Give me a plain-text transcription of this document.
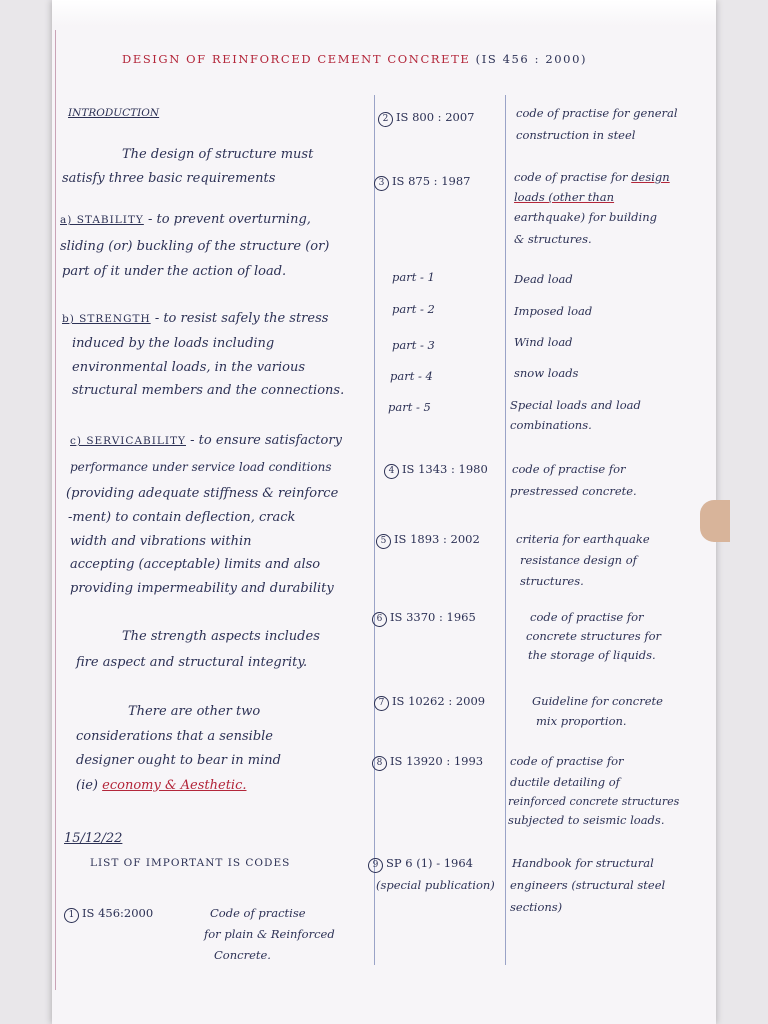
DESIGN OF REINFORCED CEMENT CONCRETE (IS 456 : 2000)
INTRODUCTION
The design of structure must
satisfy three basic requirements
a) STABILITY - to prevent overturning,
sliding (or) buckling of the structure (or)
part of it under the action of load.
b) STRENGTH - to resist safely the stress
induced by the loads including
environmental loads, in the various
structural members and the connections.
c) SERVICABILITY - to ensure satisfactory
performance under service load conditions
(providing adequate stiffness & reinforce
-ment) to contain deflection, crack
width and vibrations within
accepting (acceptable) limits and also
providing impermeability and durability
The strength aspects includes
fire aspect and structural integrity.
There are other two
considerations that a sensible
designer ought to bear in mind
(ie) economy & Aesthetic.
15/12/22
LIST OF IMPORTANT IS CODES
1 IS 456:2000	Code of practise
for plain & Reinforced
Concrete.
2 IS 800 : 2007
3 IS 875 : 1987
part - 1
part - 2
part - 3
part - 4
part - 5
4 IS 1343 : 1980
5 IS 1893 : 2002
6 IS 3370 : 1965
7 IS 10262 : 2009
8 IS 13920 : 1993
9 SP 6 (1) - 1964
(special publication)
code of practise for general
construction in steel
code of practise for design
loads (other than
earthquake) for building
& structures.
Dead load
Imposed load
Wind load
snow loads
Special loads and load
combinations.
code of practise for
prestressed concrete.
criteria for earthquake
resistance design of
structures.
code of practise for
concrete structures for
the storage of liquids.
Guideline for concrete
mix proportion.
code of practise for
ductile detailing of
reinforced concrete structures
subjected to seismic loads.
Handbook for structural
engineers (structural steel
sections)
